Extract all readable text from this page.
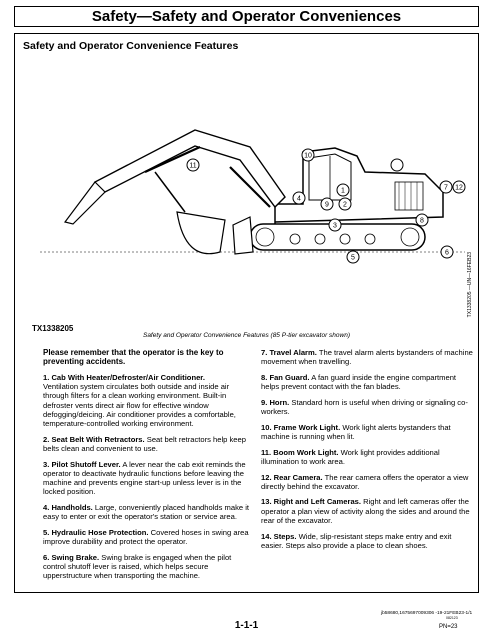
Safety—Safety and Operator Conveniences
Safety and Operator Convenience Features
11
10
4
9 2
1
3
5
8
7 12
6	TX1338205 —UN—16FEB23
TX1338205
Safety and Operator Convenience Features (85 P-tier excavator shown)

Please remember that the operator is the key to preventing accidents.

1. Cab With Heater/Defroster/Air Conditioner.
Ventilation system circulates both outside and inside air through filters for a clean working environment. Built-in defroster vents direct air flow for effective window defogging/deicing. Air conditioner provides a comfortable, temperature-controlled working environment.

2. Seat Belt With Retractors. Seat belt retractors help keep belts clean and convenient to use.

3. Pilot Shutoff Lever. A lever near the cab exit reminds the operator to deactivate hydraulic functions before leaving the machine and prevents engine start-up unless lever is in the locked position.

4. Handholds. Large, conveniently placed handholds make it easy to enter or exit the operator's station or service area.

5. Hydraulic Hose Protection. Covered hoses in swing area improve durability and protect the operator.

6. Swing Brake. Swing brake is engaged when the pilot control shutoff lever is raised, which helps secure upperstructure when transporting the machine.

7. Travel Alarm. The travel alarm alerts bystanders of machine movement when travelling.

8. Fan Guard. A fan guard inside the engine compartment helps prevent contact with the fan blades.

9. Horn. Standard horn is useful when driving or signaling co-workers.

10. Frame Work Light. Work light alerts bystanders that machine is running when lit.

11. Boom Work Light. Work light provides additional illumination to work area.

12. Rear Camera. The rear camera offers the operator a view directly behind the excavator.

13. Right and Left Cameras. Right and left cameras offer the operator a plan view of activity along the sides and around the rear of the excavator.

14. Steps. Wide, slip-resistant steps make entry and exit easier. Steps also provide a place to clean shoes.

jb58680,1675697009306 -19-21FEB23-1/1
1-1-1
082123
PN=23
